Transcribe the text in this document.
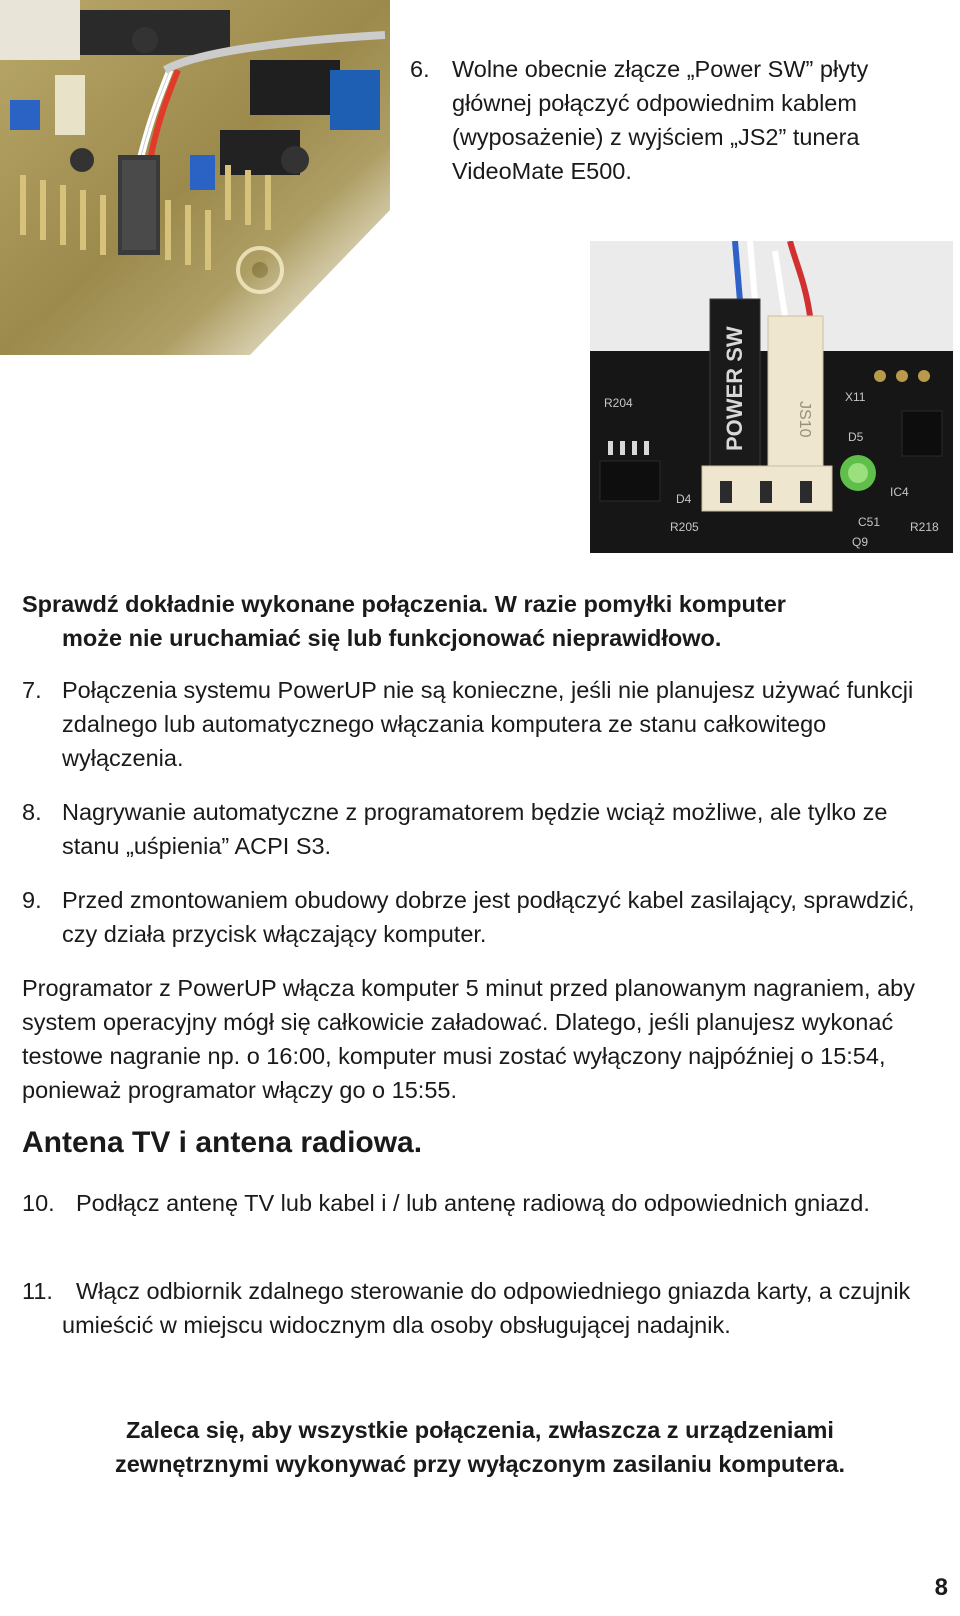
6. Wolne obecnie złącze „Power SW” płyty głównej połączyć odpowiednim kablem (wyposażenie) z wyjściem „JS2” tunera VideoMate E500.
POWER SW	JS10
R204	X11
D5
D4
R205
IC4
R218
C51
Q9
Sprawdź dokładnie wykonane połączenia. W razie pomyłki komputer
może nie uruchamiać się lub funkcjonować nieprawidłowo.
7. Połączenia systemu PowerUP nie są konieczne, jeśli nie planujesz używać funkcji zdalnego lub automatycznego włączania komputera ze stanu całkowitego wyłączenia.
8. Nagrywanie automatyczne z programatorem będzie wciąż możliwe, ale tylko ze stanu „uśpienia” ACPI S3.
9. Przed zmontowaniem obudowy dobrze jest podłączyć kabel zasilający, sprawdzić, czy działa przycisk włączający komputer.

Programator z PowerUP włącza komputer 5 minut przed planowanym nagraniem, aby system operacyjny mógł się całkowicie załadować. Dlatego, jeśli planujesz wykonać testowe nagranie np. o 16:00, komputer musi zostać wyłączony najpóźniej o 15:54, ponieważ programator włączy go o 15:55.

Antena TV i antena radiowa.
10. Podłącz antenę TV lub kabel i / lub antenę radiową do odpowiednich gniazd.
11. Włącz odbiornik zdalnego sterowanie do odpowiedniego gniazda karty, a czujnik umieścić w miejscu widocznym dla osoby obsługującej nadajnik.
Zaleca się, aby wszystkie połączenia, zwłaszcza z urządzeniami
zewnętrznymi wykonywać przy wyłączonym zasilaniu komputera.
8
